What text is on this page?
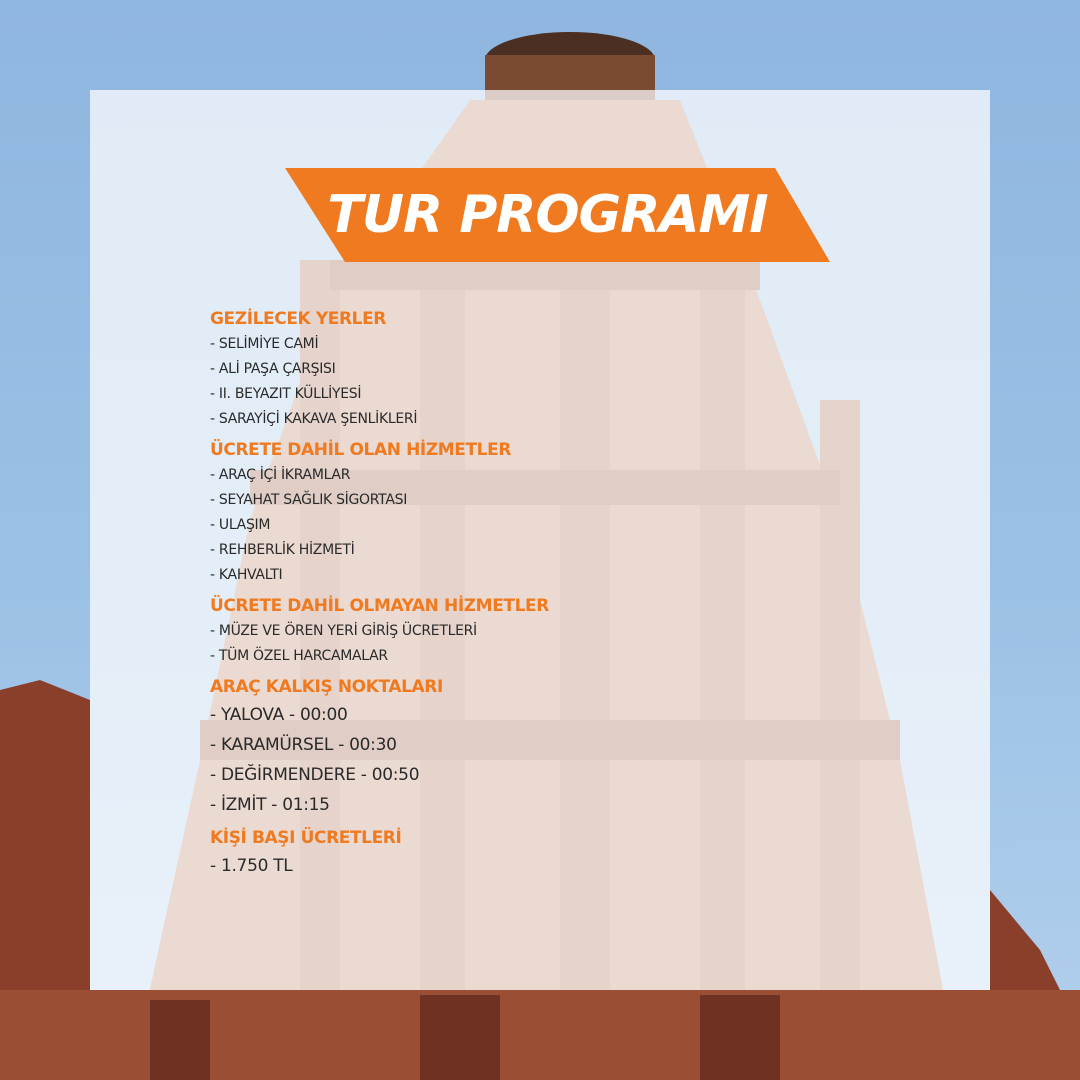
TUR PROGRAMI
GEZİLECEK YERLER
- SELİMİYE CAMİ
- ALİ PAŞA ÇARŞISI
- II. BEYAZIT KÜLLİYESİ
- SARAYİÇİ KAKAVA ŞENLİKLERİ
ÜCRETE DAHİL OLAN HİZMETLER
- ARAÇ İÇİ İKRAMLAR
- SEYAHAT SAĞLIK SİGORTASI
- ULAŞIM
- REHBERLİK HİZMETİ
- KAHVALTI
ÜCRETE DAHİL OLMAYAN HİZMETLER
- MÜZE VE ÖREN YERİ GİRİŞ ÜCRETLERİ
- TÜM ÖZEL HARCAMALAR
ARAÇ KALKIŞ NOKTALARI
- YALOVA - 00:00
- KARAMÜRSEL - 00:30
- DEĞİRMENDERE - 00:50
- İZMİT - 01:15
KİŞİ BAŞI ÜCRETLERİ
- 1.750 TL
